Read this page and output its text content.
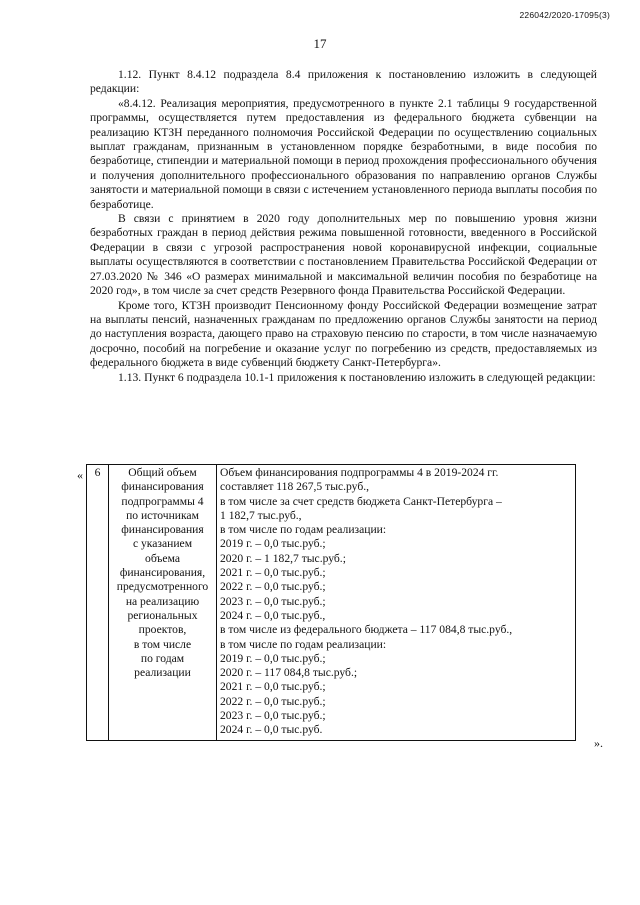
226042/2020-17095(3)
17

1.12. Пункт 8.4.12 подраздела 8.4 приложения к постановлению изложить в следующей редакции:

«8.4.12. Реализация мероприятия, предусмотренного в пункте 2.1 таблицы 9 государственной программы, осуществляется путем предоставления из федерального бюджета субвенции на реализацию КТЗН переданного полномочия Российской Федерации по осуществлению социальных выплат гражданам, признанным в установленном порядке безработными, в виде пособия по безработице, стипендии и материальной помощи в период прохождения профессионального обучения и получения дополнительного профессионального образования по направлению органов Службы занятости и материальной помощи в связи с истечением установленного периода выплаты пособия по безработице.

В связи с принятием в 2020 году дополнительных мер по повышению уровня жизни безработных граждан в период действия режима повышенной готовности, введенного в Российской Федерации в связи с угрозой распространения новой коронавирусной инфекции, социальные выплаты осуществляются в соответствии с постановлением Правительства Российской Федерации от 27.03.2020 № 346 «О размерах минимальной и максимальной величин пособия по безработице на 2020 год», в том числе за счет средств Резервного фонда Правительства Российской Федерации.

Кроме того, КТЗН производит Пенсионному фонду Российской Федерации возмещение затрат на выплаты пенсий, назначенных гражданам по предложению органов Службы занятости на период до наступления возраста, дающего право на страховую пенсию по старости, в том числе назначаемую досрочно, пособий на погребение и оказание услуг по погребению из средств, предоставляемых из федерального бюджета в виде субвенций бюджету Санкт-Петербурга».

1.13. Пункт 6 подраздела 10.1-1 приложения к постановлению изложить в следующей редакции:

« 6	Общий объем
финансирования
подпрограммы 4
по источникам
финансирования
с указанием
объема
финансирования,
предусмотренного
на реализацию
региональных
проектов,
в том числе
по годам
реализации

Объем финансирования подпрограммы 4 в 2019-2024 гг.
составляет 118 267,5 тыс.руб.,
в том числе за счет средств бюджета Санкт-Петербурга –
1 182,7 тыс.руб.,
в том числе по годам реализации:
2019 г. – 0,0 тыс.руб.;
2020 г. – 1 182,7 тыс.руб.;
2021 г. – 0,0 тыс.руб.;
2022 г. – 0,0 тыс.руб.;
2023 г. – 0,0 тыс.руб.;
2024 г. – 0,0 тыс.руб.,
в том числе из федерального бюджета – 117 084,8 тыс.руб.,
в том числе по годам реализации:
2019 г. – 0,0 тыс.руб.;
2020 г. – 117 084,8 тыс.руб.;
2021 г. – 0,0 тыс.руб.;
2022 г. – 0,0 тыс.руб.;
2023 г. – 0,0 тыс.руб.;
2024 г. – 0,0 тыс.руб.
».
